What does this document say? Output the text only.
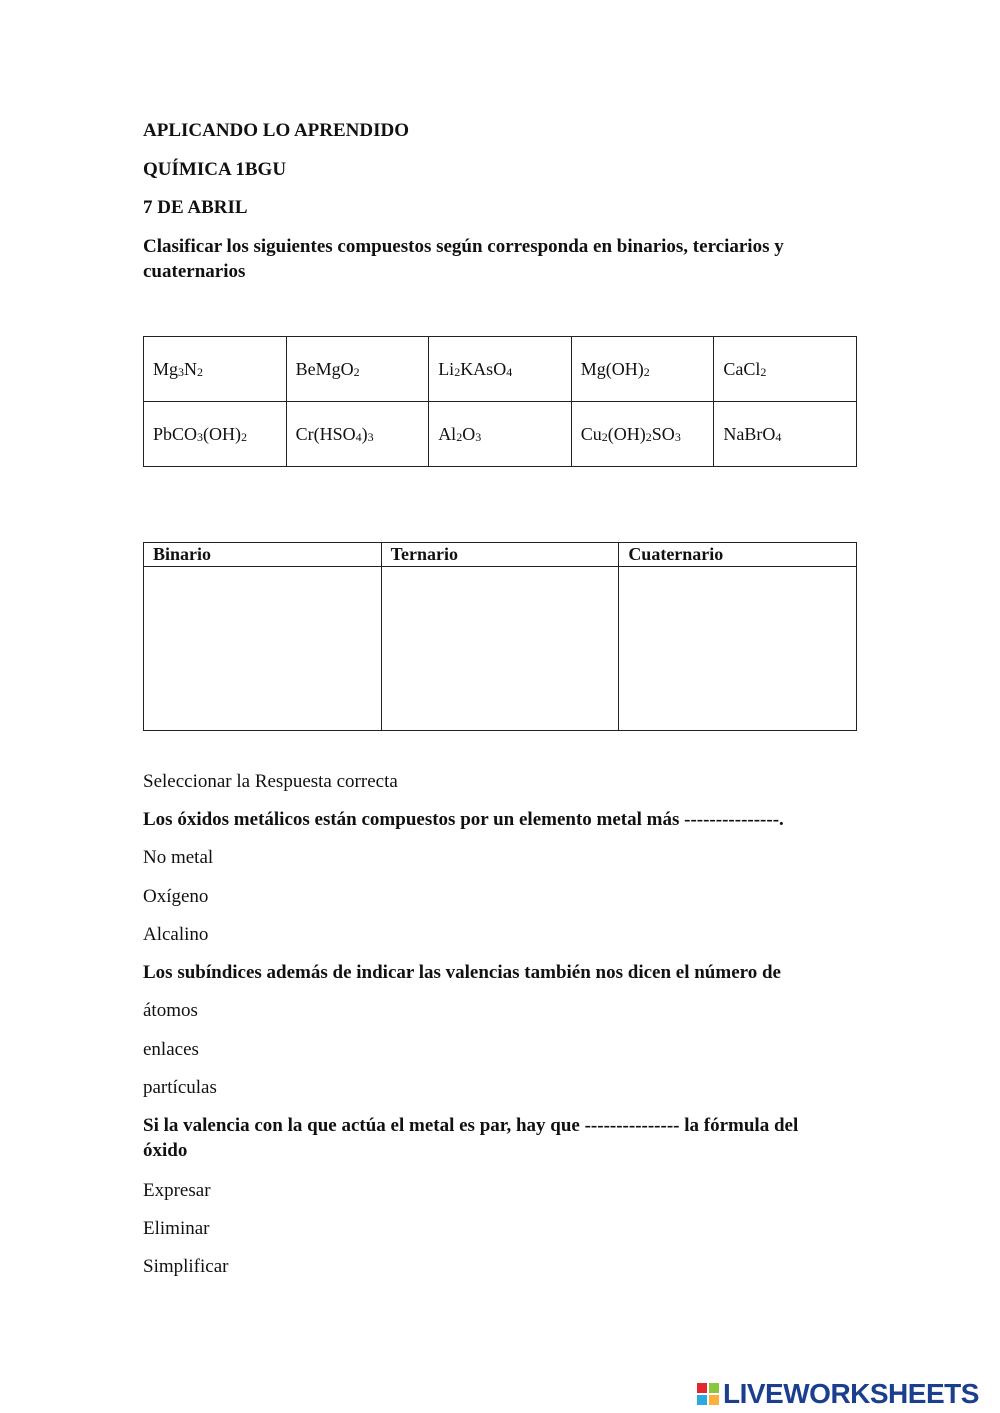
APLICANDO LO APRENDIDO
QUÍMICA 1BGU
7 DE ABRIL
Clasificar los siguientes compuestos según corresponda en binarios, terciarios y
cuaternarios
$Mg_3N_2$	BeMgO$_2$	$Li_2KAsO_4$	$Mg(OH)_2$	CaCl$_2$
$PbCO_3(OH)_2$	$Cr(HSO_4)_3$	$Al_2O_3$	$Cu_2(OH)_2SO_3$	NaBrO$_4$
Binario	Ternario	Cuaternario

Seleccionar la Respuesta correcta
Los óxidos metálicos están compuestos por un elemento metal más ---------------.
No metal
Oxígeno
Alcalino
Los subíndices además de indicar las valencias también nos dicen el número de
átomos
enlaces
partículas
Si la valencia con la que actúa el metal es par, hay que --------------- la fórmula del
óxido
Expresar
Eliminar
Simplificar
LIVEWORKSHEETS
